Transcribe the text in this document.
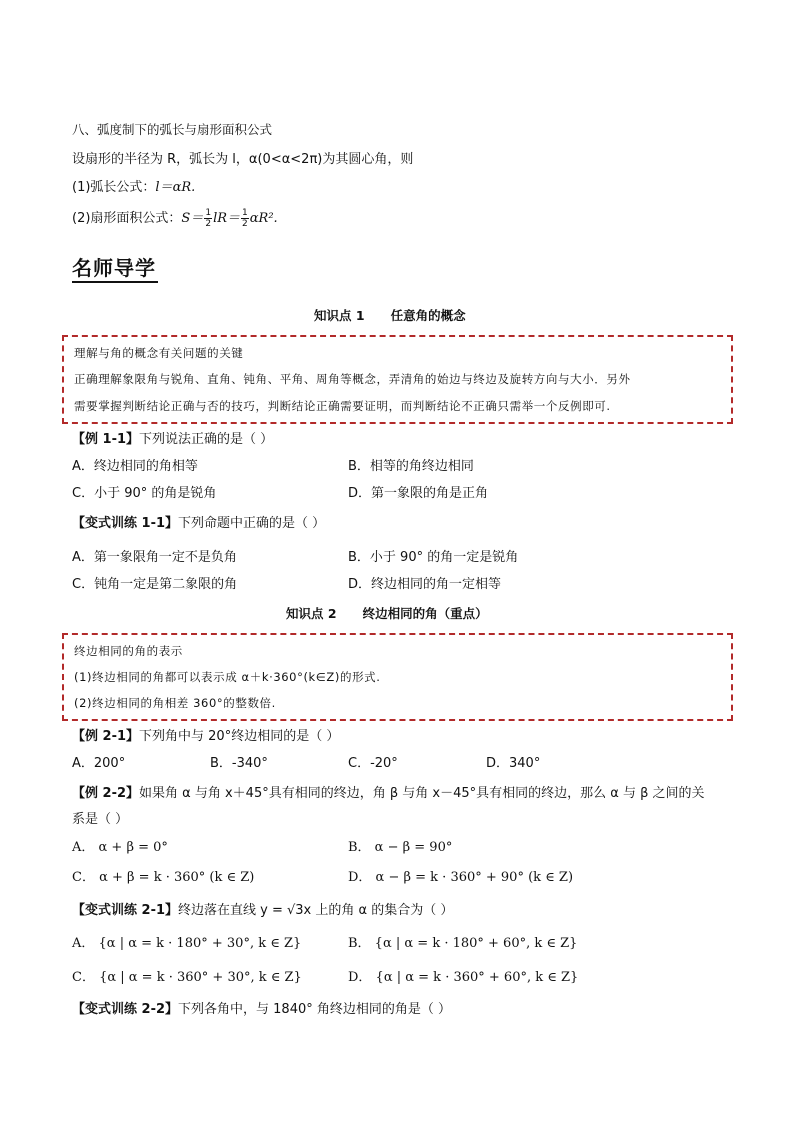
八、弧度制下的弧长与扇形面积公式
设扇形的半径为 R，弧长为 l，α(0<α<2π)为其圆心角，则
(1)弧长公式：l＝αR.
(2)扇形面积公式：$S= \frac{1}{2} lR= \frac{1}{2} \alpha R^2$.
名师导学
知识点 1 任意角的概念
理解与角的概念有关问题的关键
正确理解象限角与锐角、直角、钝角、平角、周角等概念，弄清角的始边与终边及旋转方向与大小．另外
需要掌握判断结论正确与否的技巧，判断结论正确需要证明，而判断结论不正确只需举一个反例即可.
【例 1-1】下列说法正确的是（ ）
A．终边相同的角相等	B．相等的角终边相同
C．小于 90° 的角是锐角	D．第一象限的角是正角
【变式训练 1-1】下列命题中正确的是（ ）
A．第一象限角一定不是负角	B．小于 90° 的角一定是锐角
C．钝角一定是第二象限的角	D．终边相同的角一定相等
知识点 2 终边相同的角（重点）
终边相同的角的表示
(1)终边相同的角都可以表示成 α＋k·360°(k∈Z)的形式.
(2)终边相同的角相差 360°的整数倍.
【例 2-1】下列角中与 20°终边相同的是（ ）
A．200°	B．-340°	C．-20°	D．340°
【例 2-2】如果角 α 与角 x＋45°具有相同的终边，角 β 与角 x－45°具有相同的终边，那么 α 与 β 之间的关
系是（ ）
A． α + β = 0°	B． α − β = 90°
C． α + β = k · 360° (k ∈ Z)	D． α − β = k · 360° + 90° (k ∈ Z)
【变式训练 2-1】终边落在直线 y = √3x 上的角 α 的集合为（ ）
A． {α | α = k · 180° + 30°, k ∈ Z}	B． {α | α = k · 180° + 60°, k ∈ Z}
C． {α | α = k · 360° + 30°, k ∈ Z}	D． {α | α = k · 360° + 60°, k ∈ Z}
【变式训练 2-2】下列各角中，与 1840° 角终边相同的角是（ ）
